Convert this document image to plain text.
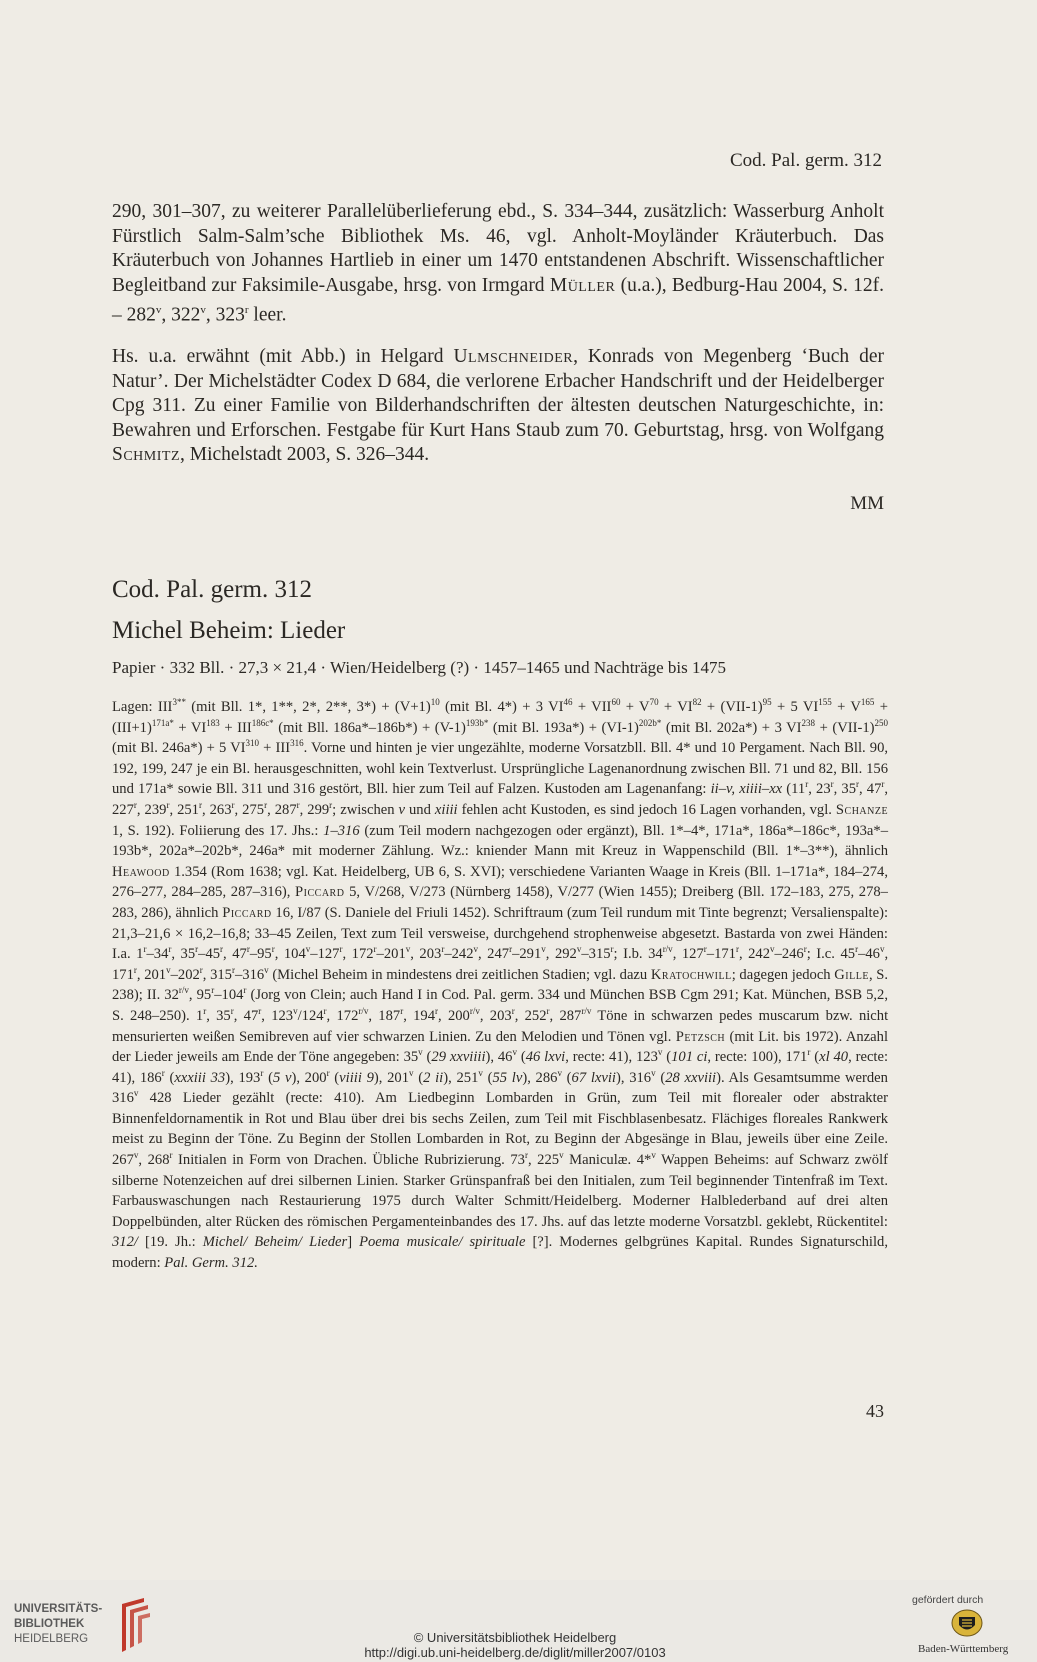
Cod. Pal. germ. 312
290, 301–307, zu weiterer Parallelüberlieferung ebd., S. 334–344, zusätzlich: Wasserburg Anholt Fürstlich Salm-Salm’sche Bibliothek Ms. 46, vgl. Anholt-Moyländer Kräuterbuch. Das Kräuterbuch von Johannes Hartlieb in einer um 1470 entstandenen Abschrift. Wissenschaftlicher Begleitband zur Faksimile-Ausgabe, hrsg. von Irmgard Müller (u.a.), Bedburg-Hau 2004, S. 12f. – 282$^v$, 322$^v$, 323$^r$ leer.
Hs. u.a. erwähnt (mit Abb.) in Helgard Ulmschneider, Konrads von Megenberg ‘Buch der Natur’. Der Michelstädter Codex D 684, die verlorene Erbacher Handschrift und der Heidelberger Cpg 311. Zu einer Familie von Bilderhandschriften der ältesten deutschen Naturgeschichte, in: Bewahren und Erforschen. Festgabe für Kurt Hans Staub zum 70. Geburtstag, hrsg. von Wolfgang Schmitz, Michelstadt 2003, S. 326–344.
MM
Cod. Pal. germ. 312
Michel Beheim: Lieder
Papier · 332 Bll. · 27,3 × 21,4 · Wien/Heidelberg (?) · 1457–1465 und Nachträge bis 1475
Lagen: $III^{3**}$ (mit Bll. 1*, 1**, 2*, 2**, $3*) + (V+1)^{10}$ (mit Bl. 4*) + 3 $VI^{46} + VII^{60} + V^{70} + VI^{82} + (VII-1)^{95} + 5$ $VI^{155} + V^{165} + (III+1)^{171a*} + VI^{183} + III^{186c*}$ (mit Bll. $186a*-186b*) + (V-1)^{193b*}$ (mit Bl. $193a*) + (VI-1)^{202b*}$ (mit Bl. 202a*) + 3 $VI^{238} + (VII-1)^{250}$ (mit Bl. 246a*) + 5 $VI^{310} + III^{316}$. Vorne und hinten je vier ungezählte, moderne Vorsatzbll. Bll. 4* und 10 Pergament. Nach Bll. 90, 192, 199, 247 je ein Bl. herausgeschnitten, wohl kein Textverlust. Ursprüngliche Lagenanordnung zwischen Bll. 71 und 82, Bll. 156 und 171a* sowie Bll. 311 und 316 gestört, Bll. hier zum Teil auf Falzen. Kustoden am Lagenanfang: ii–v, xiiii–xx (11$^r$, 23$^r$, 35$^r$, 47$^r$, 227$^r$, 239$^r$, 251$^r$, 263$^r$, 275$^r$, 287$^r$, 299$^r$; zwischen v und xiiii fehlen acht Kustoden, es sind jedoch 16 Lagen vorhanden, vgl. Schanze 1, S. 192). Foliierung des 17. Jhs.: 1–316 (zum Teil modern nachgezogen oder ergänzt), Bll. 1*–4*, 171a*, 186a*–186c*, 193a*–193b*, 202a*–202b*, 246a* mit moderner Zählung. Wz.: kniender Mann mit Kreuz in Wappenschild (Bll. 1*–3**), ähnlich Heawood 1.354 (Rom 1638; vgl. Kat. Heidelberg, UB 6, S. XVI); verschiedene Varianten Waage in Kreis (Bll. 1–171a*, 184–274, 276–277, 284–285, 287–316), Piccard 5, V/268, V/273 (Nürnberg 1458), V/277 (Wien 1455); Dreiberg (Bll. 172–183, 275, 278–283, 286), ähnlich Piccard 16, I/87 (S. Daniele del Friuli 1452). Schriftraum (zum Teil rundum mit Tinte begrenzt; Versalienspalte): 21,3–21,6 × 16,2–16,8; 33–45 Zeilen, Text zum Teil versweise, durchgehend strophenweise abgesetzt. Bastarda von zwei Händen: I.a. 1$^r$–34$^r$, 35$^r$–45$^r$, 47$^r$–95$^r$, 104$^v$–127$^r$, 172$^r$–201$^v$, 203$^r$–242$^v$, 247$^r$–291$^v$, 292$^v$–315$^r$; I.b. $34^{r/v}$, 127$^r$–171$^r$, 242$^v$–246$^r$; I.c. 45$^r$–46$^v$, 171$^r$, 201$^v$–202$^r$, 315$^r$–316$^v$ (Michel Beheim in mindestens drei zeitlichen Stadien; vgl. dazu Kratochwill; dagegen jedoch Gille, S. 238); II. $32^{r/v}$, 95$^r$–104$^r$ (Jorg von Clein; auch Hand I in Cod. Pal. germ. 334 und München BSB Cgm 291; Kat. München, BSB 5,2, S. 248–250). 1$^r$, 35$^r$, 47$^r$, 123$^v$/124$^r$, $172^{r/v}$, 187$^r$, 194$^r$, $200^{r/v}$, 203$^r$, 252$^r$, $287^{r/v}$ Töne in schwarzen pedes muscarum bzw. nicht mensurierten weißen Semibreven auf vier schwarzen Linien. Zu den Melodien und Tönen vgl. Petzsch (mit Lit. bis 1972). Anzahl der Lieder jeweils am Ende der Töne angegeben: 35$^v$ (29 xxviiii), 46$^v$ (46 lxvi, recte: 41), 123$^v$ (101 ci, recte: 100), 171$^r$ (xl 40, recte: 41), 186$^r$ (xxxiii 33), 193$^r$ (5 v), 200$^r$ (viiii 9), 201$^v$ (2 ii), 251$^v$ (55 lv), 286$^v$ (67 lxvii), 316$^v$ (28 xxviii). Als Gesamtsumme werden 316$^v$ 428 Lieder gezählt (recte: 410). Am Liedbeginn Lombarden in Grün, zum Teil mit florealer oder abstrakter Binnenfeldornamentik in Rot und Blau über drei bis sechs Zeilen, zum Teil mit Fischblasenbesatz. Flächiges floreales Rankwerk meist zu Beginn der Töne. Zu Beginn der Stollen Lombarden in Rot, zu Beginn der Abgesänge in Blau, jeweils über eine Zeile. 267$^v$, 268$^r$ Initialen in Form von Drachen. Übliche Rubrizierung. 73$^r$, 225$^v$ Maniculæ. 4*$^v$ Wappen Beheims: auf Schwarz zwölf silberne Notenzeichen auf drei silbernen Linien. Starker Grünspanfraß bei den Initialen, zum Teil beginnender Tintenfraß im Text. Farbauswaschungen nach Restaurierung 1975 durch Walter Schmitt/Heidelberg. Moderner Halblederband auf drei alten Doppelbünden, alter Rücken des römischen Pergamenteinbandes des 17. Jhs. auf das letzte moderne Vorsatzbl. geklebt, Rückentitel: 312/ [19. Jh.: Michel/ Beheim/ Lieder] Poema musicale/ spirituale [?]. Modernes gelbgrünes Kapital. Rundes Signaturschild, modern: Pal. Germ. 312.
43
UNIVERSITÄTS-
BIBLIOTHEK
HEIDELBERG	© Universitätsbibliothek Heidelberg
http://digi.ub.uni-heidelberg.de/diglit/miller2007/0103
gefördert durch
Baden-Württemberg
